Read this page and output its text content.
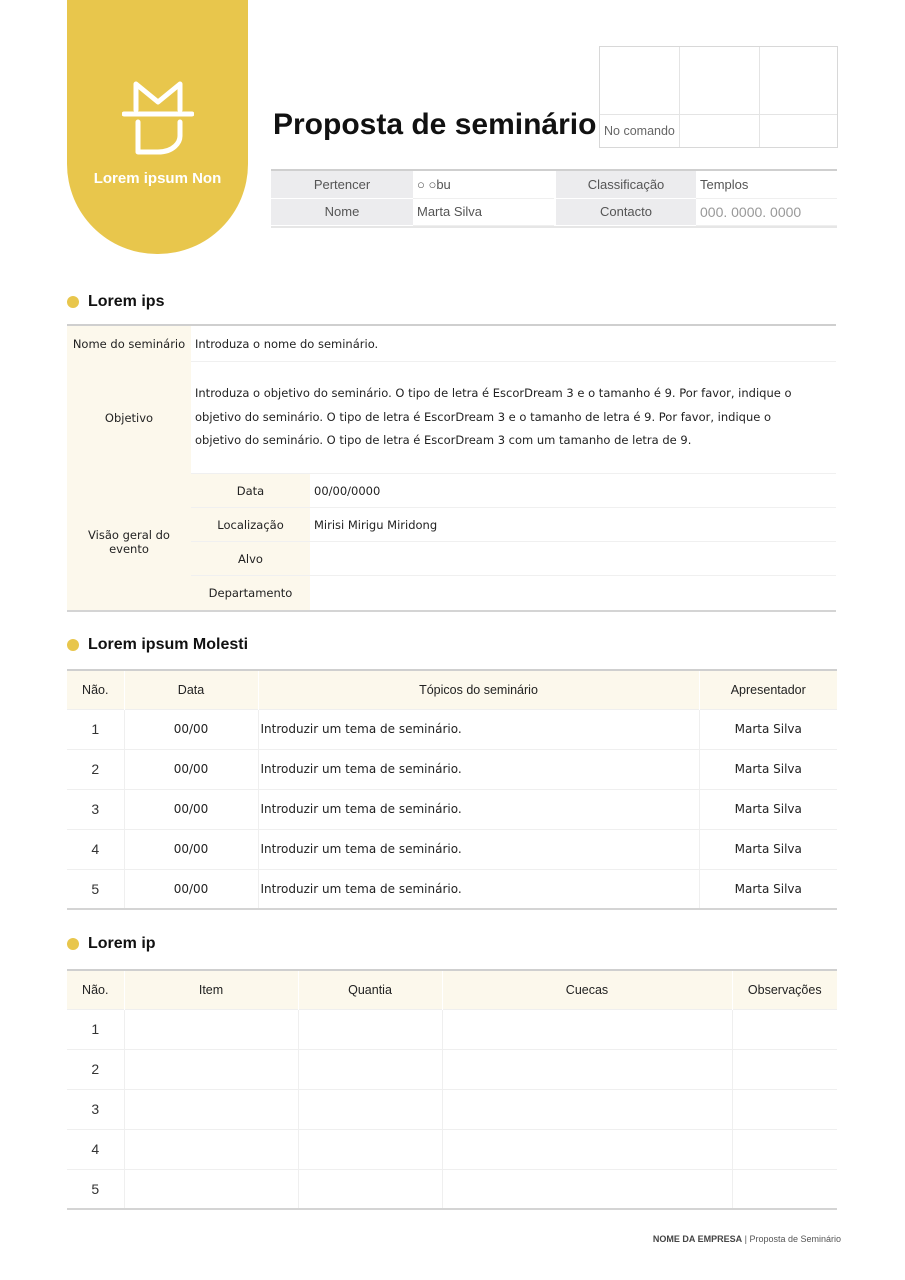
Lorem ipsum Non
No comando
Proposta de seminário
Pertencer	○ ○bu	Classificação	Templos
Nome	Marta Silva	Contacto	000. 0000. 0000
Lorem ips
Nome do seminário Introduza o nome do seminário.
Objetivo
Introduza o objetivo do seminário. O tipo de letra é EscorDream 3 e o tamanho é 9. Por favor, indique o objetivo do seminário. O tipo de letra é EscorDream 3 e o tamanho de letra é 9. Por favor, indique o objetivo do seminário. O tipo de letra é EscorDream 3 com um tamanho de letra de 9.
Visão geral do evento
Data	00/00/0000
Localização	Mirisi Mirigu Miridong
Alvo
Departamento
Lorem ipsum Molesti
Não.	Data	Tópicos do seminário	Apresentador
1	00/00	Introduzir um tema de seminário.	Marta Silva
2	00/00	Introduzir um tema de seminário.	Marta Silva
3	00/00	Introduzir um tema de seminário.	Marta Silva
4	00/00	Introduzir um tema de seminário.	Marta Silva
5	00/00	Introduzir um tema de seminário.	Marta Silva
Lorem ip
Não.	Item	Quantia	Cuecas	Observações
1				
2				
3				
4				
5				
NOME DA EMPRESA | Proposta de Seminário
